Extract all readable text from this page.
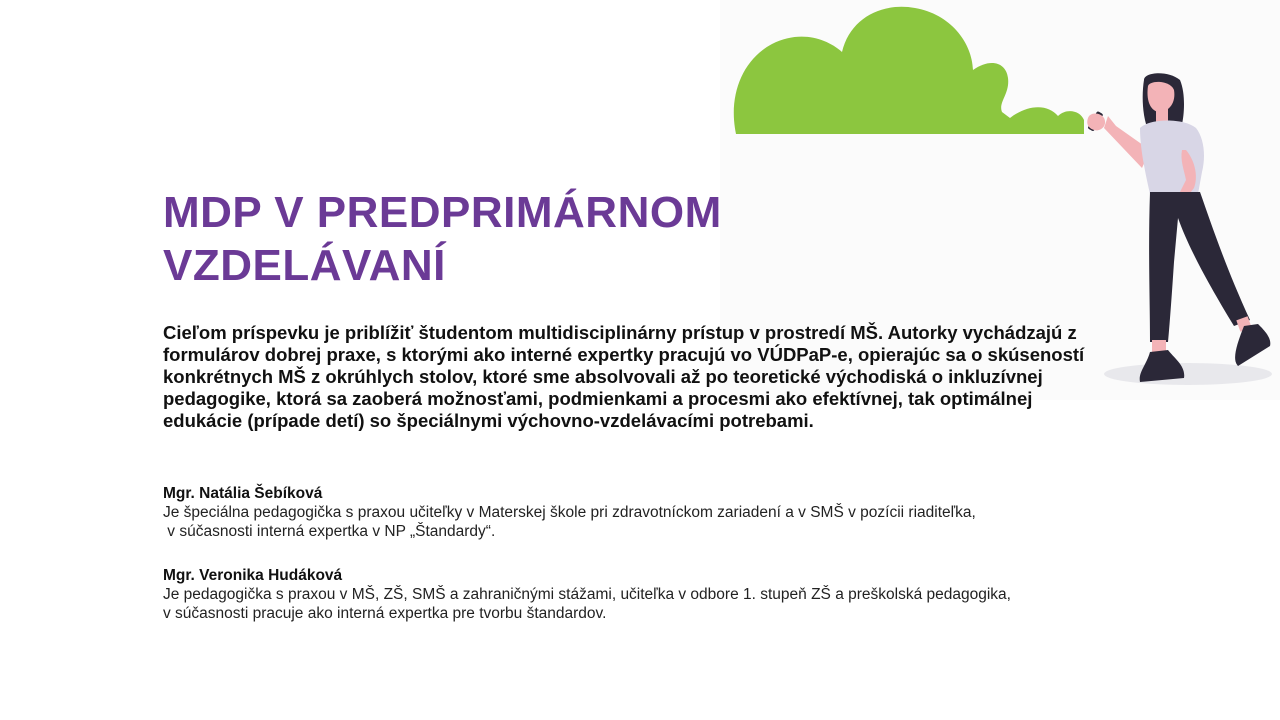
MDP V PREDPRIMÁRNOM
VZDELÁVANÍ

Cieľom príspevku je priblížiť študentom multidisciplinárny prístup v prostredí MŠ. Autorky vychádzajú z formulárov dobrej praxe, s ktorými ako interné expertky pracujú vo VÚDPaP-e, opierajúc sa o skúseností konkrétnych MŠ z okrúhlych stolov, ktoré sme absolvovali až po teoretické východiská o inkluzívnej pedagogike, ktorá sa zaoberá možnosťami, podmienkami a procesmi ako efektívnej, tak optimálnej edukácie (prípade detí) so špeciálnymi výchovno-vzdelávacími potrebami.

Mgr. Natália Šebíková
Je špeciálna pedagogička s praxou učiteľky v Materskej škole pri zdravotníckom zariadení a v SMŠ v pozícii riaditeľka,
v súčasnosti interná expertka v NP „Štandardy“.
Mgr. Veronika Hudáková
Je pedagogička s praxou v MŠ, ZŠ, SMŠ a zahraničnými stážami, učiteľka v odbore 1. stupeň ZŠ a preškolská pedagogika,
v súčasnosti pracuje ako interná expertka pre tvorbu štandardov.
